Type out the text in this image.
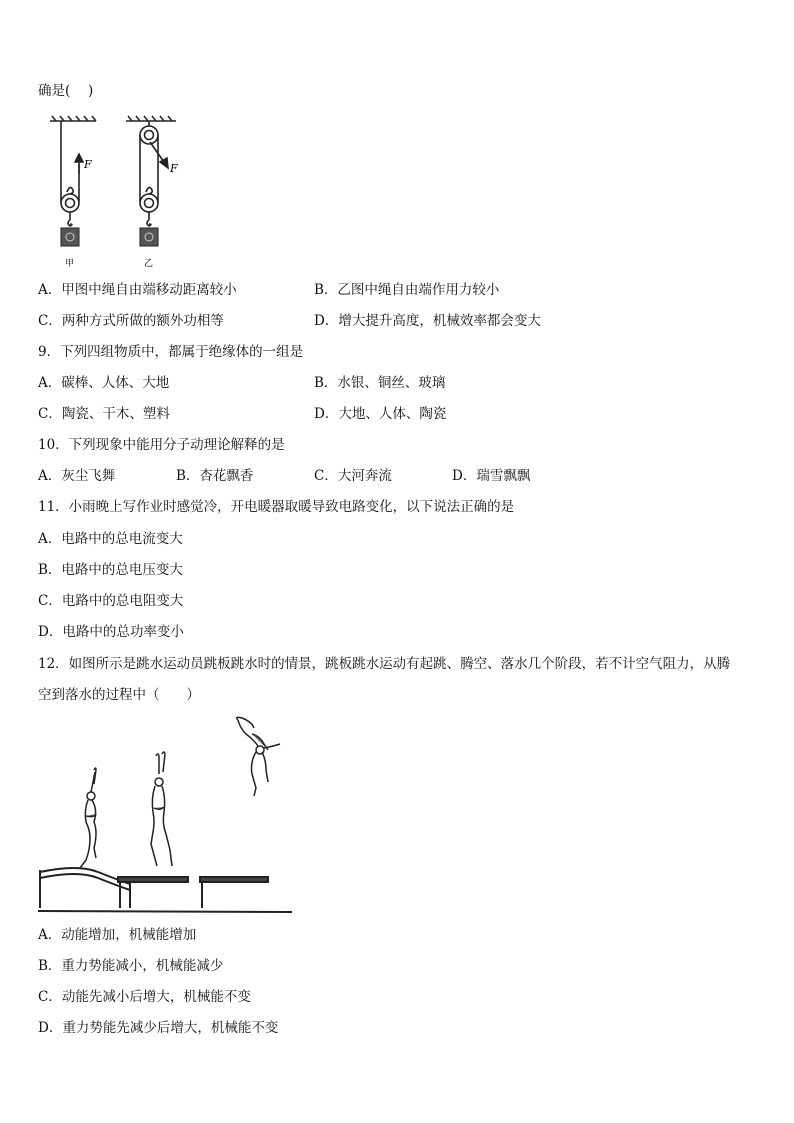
确是(　 )
F	F
甲	乙
A．甲图中绳自由端移动距离较小	B．乙图中绳自由端作用力较小
C．两种方式所做的额外功相等	D．增大提升高度，机械效率都会变大
9．下列四组物质中，都属于绝缘体的一组是
A．碳棒、人体、大地	B．水银、铜丝、玻璃
C．陶瓷、干木、塑料	D．大地、人体、陶瓷
10．下列现象中能用分子动理论解释的是
A．灰尘飞舞	B．杏花飘香	C．大河奔流	D．瑞雪飘飘
11．小雨晚上写作业时感觉冷，开电暖器取暖导致电路变化，以下说法正确的是
A．电路中的总电流变大
B．电路中的总电压变大
C．电路中的总电阻变大
D．电路中的总功率变小
12．如图所示是跳水运动员跳板跳水时的情景，跳板跳水运动有起跳、腾空、落水几个阶段，若不计空气阻力，从腾
空到落水的过程中（　　）
A．动能增加，机械能增加
B．重力势能减小，机械能减少
C．动能先减小后增大，机械能不变
D．重力势能先减少后增大，机械能不变
